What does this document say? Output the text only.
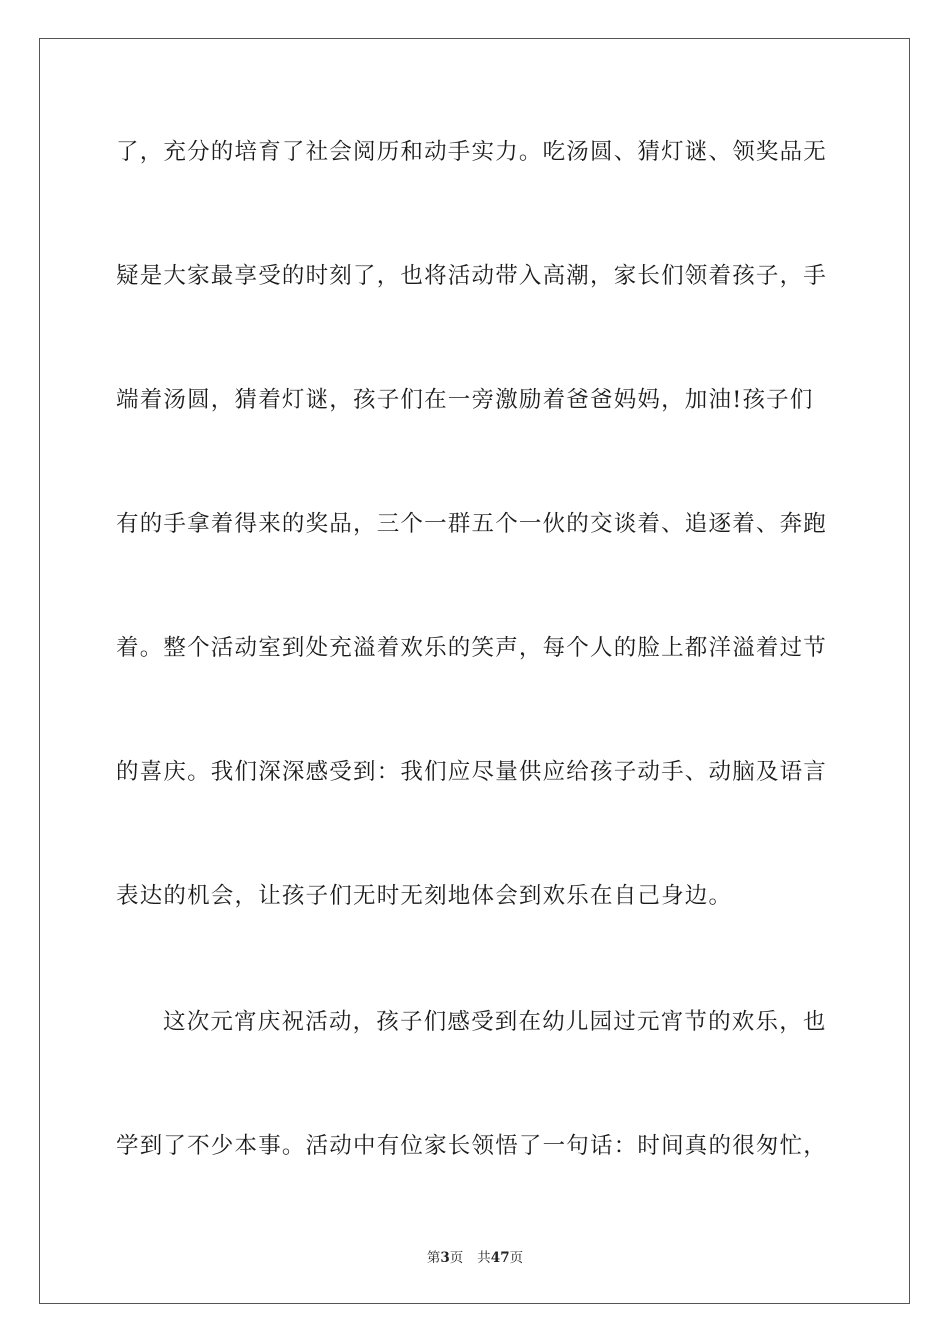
了，充分的培育了社会阅历和动手实力。吃汤圆、猜灯谜、领奖品无
疑是大家最享受的时刻了，也将活动带入高潮，家长们领着孩子，手
端着汤圆，猜着灯谜，孩子们在一旁激励着爸爸妈妈，加油!孩子们
有的手拿着得来的奖品，三个一群五个一伙的交谈着、追逐着、奔跑
着。整个活动室到处充溢着欢乐的笑声，每个人的脸上都洋溢着过节
的喜庆。我们深深感受到：我们应尽量供应给孩子动手、动脑及语言
表达的机会，让孩子们无时无刻地体会到欢乐在自己身边。
这次元宵庆祝活动，孩子们感受到在幼儿园过元宵节的欢乐，也
学到了不少本事。活动中有位家长领悟了一句话：时间真的很匆忙，
第3页 共47页
